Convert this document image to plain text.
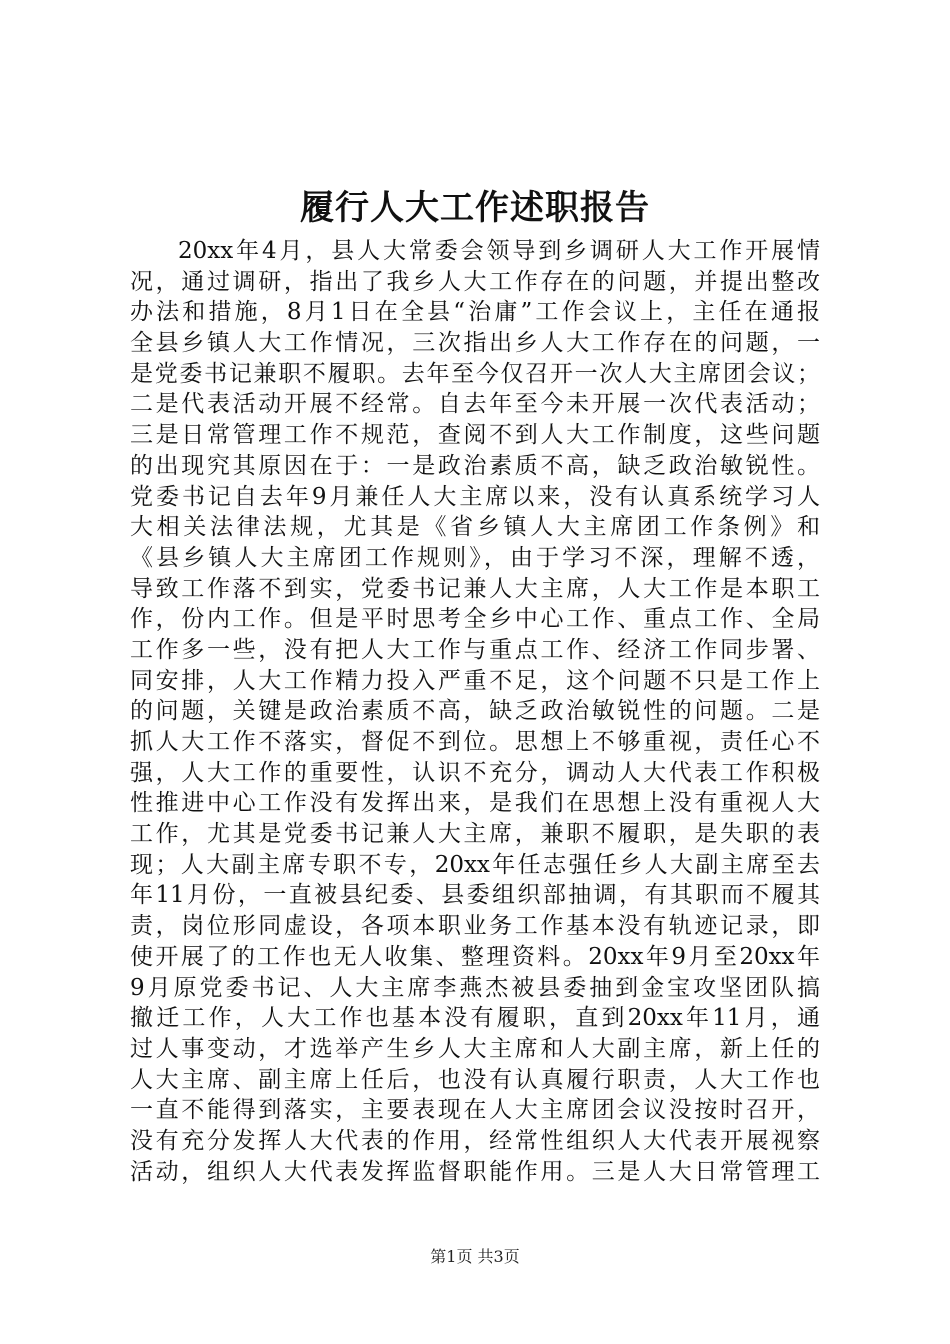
履行人大工作述职报告
20xx年4月，县人大常委会领导到乡调研人大工作开展情
况，通过调研，指出了我乡人大工作存在的问题，并提出整改
办法和措施，8月1日在全县“治庸”工作会议上，主任在通报
全县乡镇人大工作情况，三次指出乡人大工作存在的问题，一
是党委书记兼职不履职。去年至今仅召开一次人大主席团会议；
二是代表活动开展不经常。自去年至今未开展一次代表活动；
三是日常管理工作不规范，查阅不到人大工作制度，这些问题
的出现究其原因在于：一是政治素质不高，缺乏政治敏锐性。
党委书记自去年9月兼任人大主席以来，没有认真系统学习人
大相关法律法规，尤其是《省乡镇人大主席团工作条例》和
《县乡镇人大主席团工作规则》，由于学习不深，理解不透，
导致工作落不到实，党委书记兼人大主席，人大工作是本职工
作，份内工作。但是平时思考全乡中心工作、重点工作、全局
工作多一些，没有把人大工作与重点工作、经济工作同步署、
同安排，人大工作精力投入严重不足，这个问题不只是工作上
的问题，关键是政治素质不高，缺乏政治敏锐性的问题。二是
抓人大工作不落实，督促不到位。思想上不够重视，责任心不
强，人大工作的重要性，认识不充分，调动人大代表工作积极
性推进中心工作没有发挥出来，是我们在思想上没有重视人大
工作，尤其是党委书记兼人大主席，兼职不履职，是失职的表
现；人大副主席专职不专，20xx年任志强任乡人大副主席至去
年11月份，一直被县纪委、县委组织部抽调，有其职而不履其
责，岗位形同虚设，各项本职业务工作基本没有轨迹记录，即
使开展了的工作也无人收集、整理资料。20xx年9月至20xx年
9月原党委书记、人大主席李燕杰被县委抽到金宝攻坚团队搞
撤迁工作，人大工作也基本没有履职，直到20xx年11月，通
过人事变动，才选举产生乡人大主席和人大副主席，新上任的
人大主席、副主席上任后，也没有认真履行职责，人大工作也
一直不能得到落实，主要表现在人大主席团会议没按时召开，
没有充分发挥人大代表的作用，经常性组织人大代表开展视察
活动，组织人大代表发挥监督职能作用。三是人大日常管理工
第1页 共3页
